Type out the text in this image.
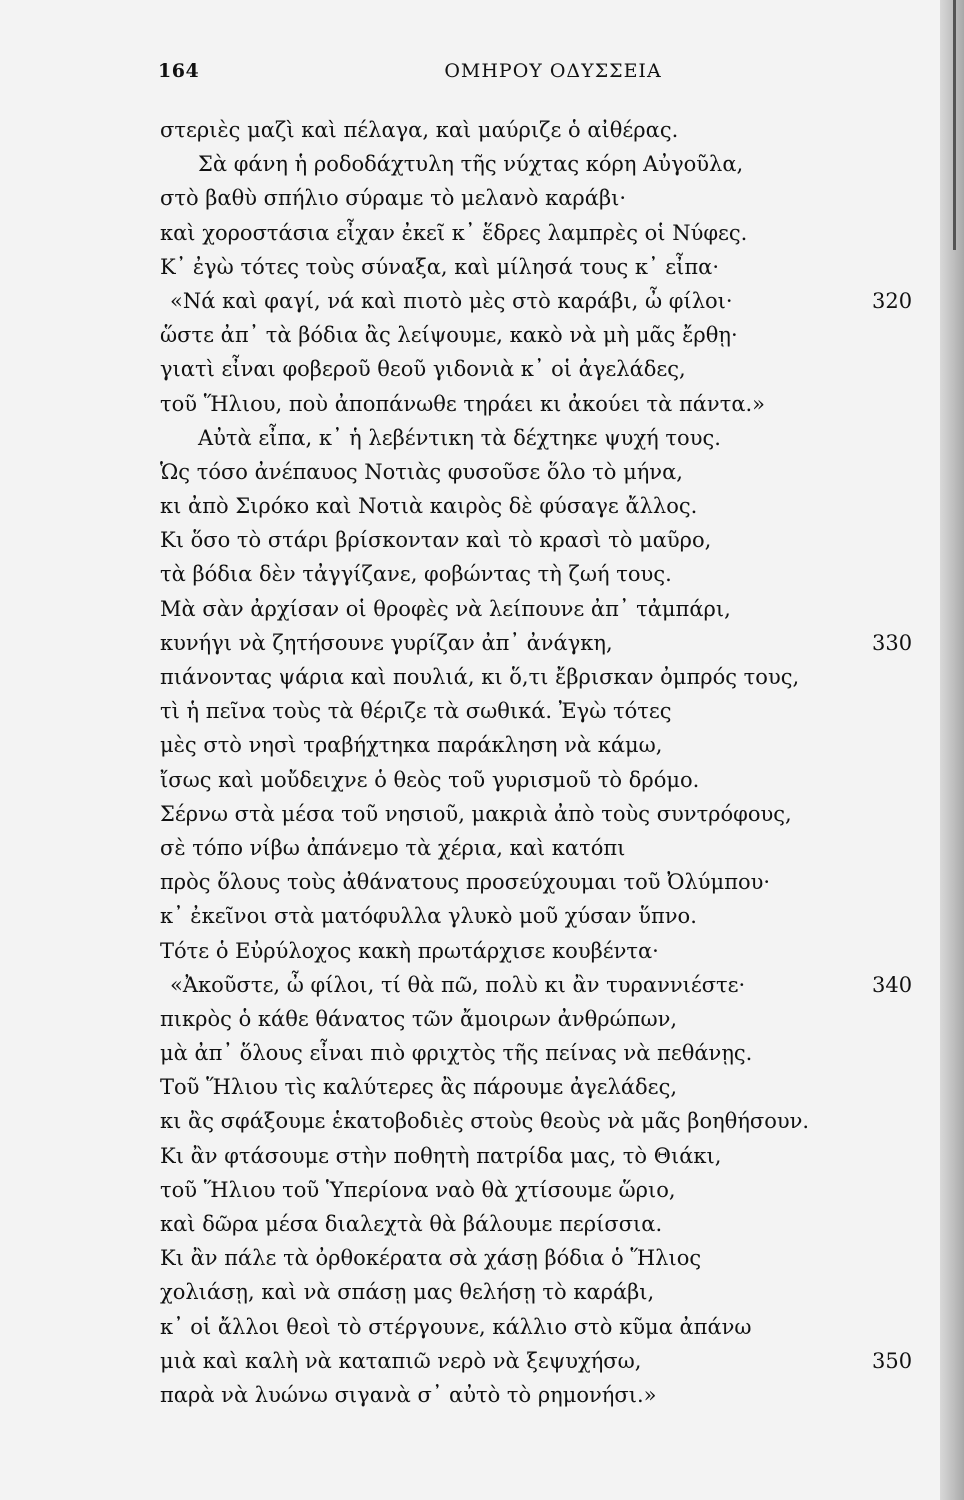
164	ΟΜΗΡΟΥ ΟΔΥΣΣΕΙΑ
στεριὲς μαζὶ καὶ πέλαγα, καὶ μαύριζε ὁ αἰθέρας.
Σὰ φάνη ἡ ροδοδάχτυλη τῆς νύχτας κόρη Αὐγοῦλα,
στὸ βαθὺ σπήλιο σύραμε τὸ μελανὸ καράβι·
καὶ χοροστάσια εἶχαν ἐκεῖ κ᾽ ἕδρες λαμπρὲς οἱ Νύφες.
Κ᾽ ἐγὼ τότες τοὺς σύναξα, καὶ μίλησά τους κ᾽ εἶπα·
«Νά καὶ φαγί, νά καὶ πιοτὸ μὲς στὸ καράβι, ὦ φίλοι·	320
ὥστε ἀπ᾽ τὰ βόδια ἂς λείψουμε, κακὸ νὰ μὴ μᾶς ἔρθῃ·
γιατὶ εἶναι φοβεροῦ θεοῦ γιδονιὰ κ᾽ οἱ ἀγελάδες,
τοῦ Ἥλιου, ποὺ ἀποπάνωθε τηράει κι ἀκούει τὰ πάντα.»
Αὐτὰ εἶπα, κ᾽ ἡ λεβέντικη τὰ δέχτηκε ψυχή τους.
Ὡς τόσο ἀνέπαυος Νοτιὰς φυσοῦσε ὅλο τὸ μήνα,
κι ἀπὸ Σιρόκο καὶ Νοτιὰ καιρὸς δὲ φύσαγε ἄλλος.
Κι ὅσο τὸ στάρι βρίσκονταν καὶ τὸ κρασὶ τὸ μαῦρο,
τὰ βόδια δὲν τἀγγίζανε, φοβώντας τὴ ζωή τους.
Μὰ σὰν ἀρχίσαν οἱ θροφὲς νὰ λείπουνε ἀπ᾽ τἀμπάρι,
κυνήγι νὰ ζητήσουνε γυρίζαν ἀπ᾽ ἀνάγκη,	330
πιάνοντας ψάρια καὶ πουλιά, κι ὅ,τι ἔβρισκαν ὀμπρός τους,
τὶ ἡ πεῖνα τοὺς τὰ θέριζε τὰ σωθικά. Ἐγὼ τότες
μὲς στὸ νησὶ τραβήχτηκα παράκληση νὰ κάμω,
ἴσως καὶ μοὔδειχνε ὁ θεὸς τοῦ γυρισμοῦ τὸ δρόμο.
Σέρνω στὰ μέσα τοῦ νησιοῦ, μακριὰ ἀπὸ τοὺς συντρόφους,
σὲ τόπο νίβω ἀπάνεμο τὰ χέρια, καὶ κατόπι
πρὸς ὅλους τοὺς ἀθάνατους προσεύχουμαι τοῦ Ὀλύμπου·
κ᾽ ἐκεῖνοι στὰ ματόφυλλα γλυκὸ μοῦ χύσαν ὕπνο.
Τότε ὁ Εὐρύλοχος κακὴ πρωτάρχισε κουβέντα·
«Ἀκοῦστε, ὦ φίλοι, τί θὰ πῶ, πολὺ κι ἂν τυραννιέστε·	340
πικρὸς ὁ κάθε θάνατος τῶν ἄμοιρων ἀνθρώπων,
μὰ ἀπ᾽ ὅλους εἶναι πιὸ φριχτὸς τῆς πείνας νὰ πεθάνῃς.
Τοῦ Ἥλιου τὶς καλύτερες ἂς πάρουμε ἀγελάδες,
κι ἂς σφάξουμε ἑκατοβοδιὲς στοὺς θεοὺς νὰ μᾶς βοηθήσουν.
Κι ἂν φτάσουμε στὴν ποθητὴ πατρίδα μας, τὸ Θιάκι,
τοῦ Ἥλιου τοῦ Ὑπερίονα ναὸ θὰ χτίσουμε ὥριο,
καὶ δῶρα μέσα διαλεχτὰ θὰ βάλουμε περίσσια.
Κι ἂν πάλε τὰ ὀρθοκέρατα σὰ χάσῃ βόδια ὁ Ἥλιος
χολιάσῃ, καὶ νὰ σπάσῃ μας θελήσῃ τὸ καράβι,
κ᾽ οἱ ἄλλοι θεοὶ τὸ στέργουνε, κάλλιο στὸ κῦμα ἀπάνω
μιὰ καὶ καλὴ νὰ καταπιῶ νερὸ νὰ ξεψυχήσω,	350
παρὰ νὰ λυώνω σιγανὰ σ᾽ αὐτὸ τὸ ρημονήσι.»
